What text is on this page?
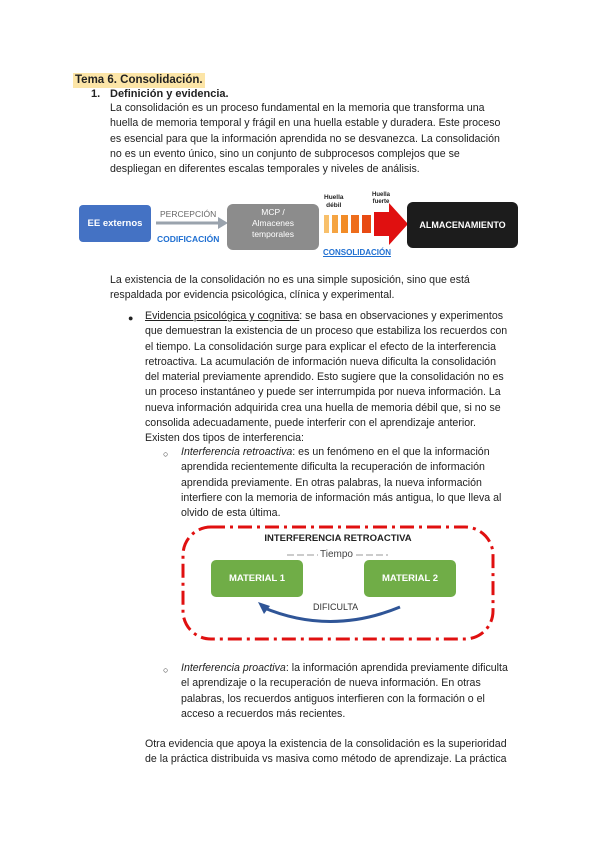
Tema 6. Consolidación.
1. Definición y evidencia.

La consolidación es un proceso fundamental en la memoria que transforma una

huella de memoria temporal y frágil en una huella estable y duradera. Este proceso

es esencial para que la información aprendida no se desvanezca. La consolidación

no es un evento único, sino un conjunto de subprocesos complejos que se

despliegan en diferentes escalas temporales y niveles de análisis.

EE externos
PERCEPCIÓN
CODIFICACIÓN
MCP /
Almacenes
temporales
Huella
débil
Huella
fuerte
CONSOLIDACIÓN
ALMACENAMIENTO

La existencia de la consolidación no es una simple suposición, sino que está

respaldada por evidencia psicológica, clínica y experimental.

● Evidencia psicológica y cognitiva: se basa en observaciones y experimentos

que demuestran la existencia de un proceso que estabiliza los recuerdos con

el tiempo. La consolidación surge para explicar el efecto de la interferencia

retroactiva. La acumulación de información nueva dificulta la consolidación

del material previamente aprendido. Esto sugiere que la consolidación no es

un proceso instantáneo y puede ser interrumpida por nueva información. La

nueva información adquirida crea una huella de memoria débil que, si no se

consolida adecuadamente, puede interferir con el aprendizaje anterior.

Existen dos tipos de interferencia:

○ Interferencia retroactiva: es un fenómeno en el que la información

aprendida recientemente dificulta la recuperación de información

aprendida previamente. En otras palabras, la nueva información

interfiere con la memoria de información más antigua, lo que lleva al

olvido de esta última.

INTERFERENCIA RETROACTIVA
Tiempo
MATERIAL 1	MATERIAL 2
DIFICULTA
○ Interferencia proactiva: la información aprendida previamente dificulta

el aprendizaje o la recuperación de nueva información. En otras

palabras, los recuerdos antiguos interfieren con la formación o el

acceso a recuerdos más recientes.

Otra evidencia que apoya la existencia de la consolidación es la superioridad

de la práctica distribuida vs masiva como método de aprendizaje. La práctica
